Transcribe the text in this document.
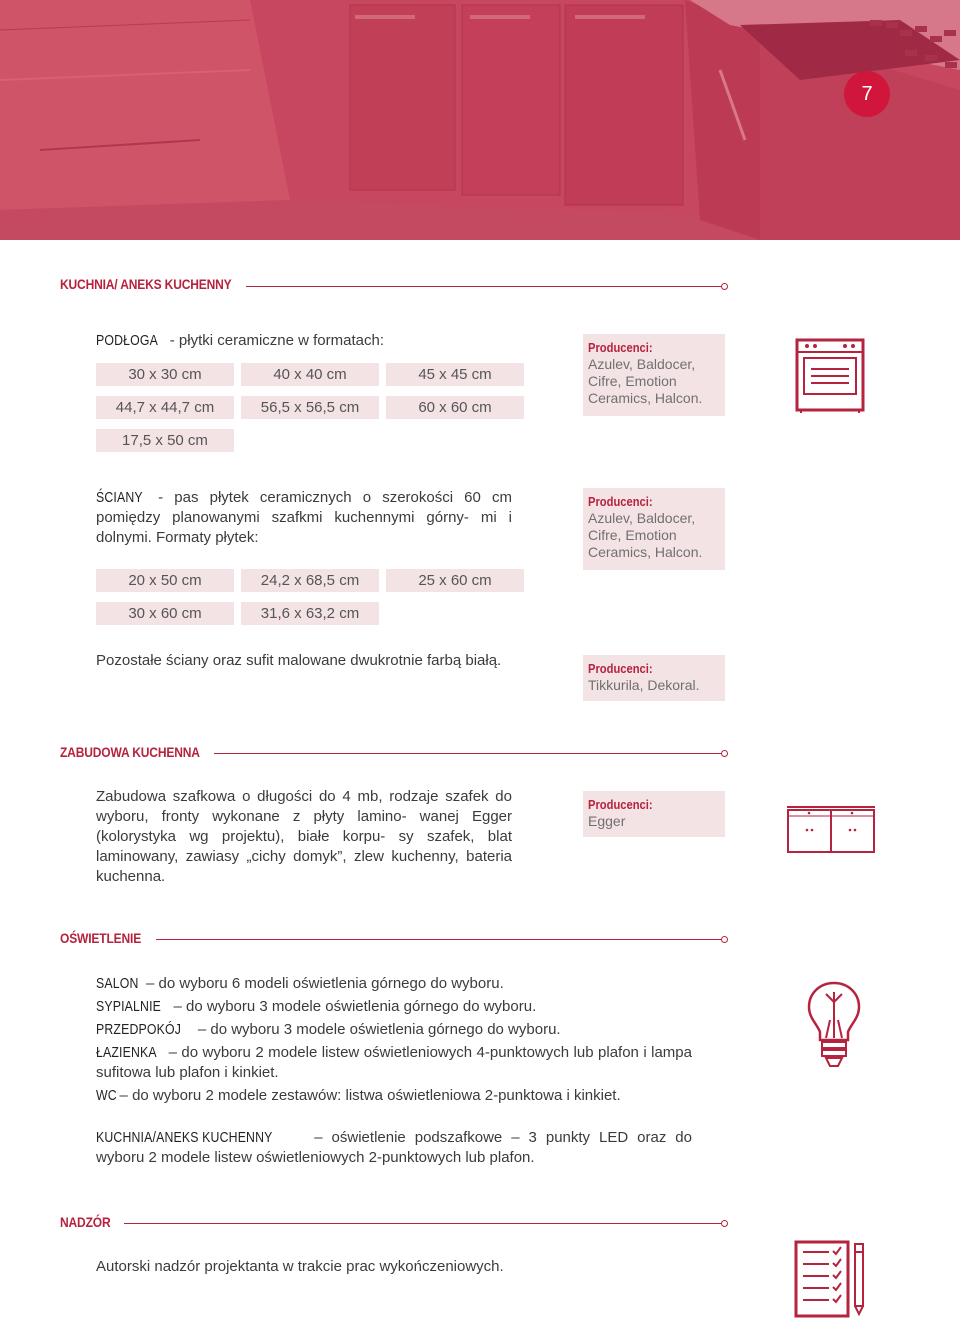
7
KUCHNIA/ ANEKS KUCHENNY
PODŁOGA - płytki ceramiczne w formatach:
30 x 30 cm	40 x 40 cm	45 x 45 cm
44,7 x 44,7 cm	56,5 x 56,5 cm	60 x 60 cm
17,5 x 50 cm
Producenci:
Azulev, Baldocer, Cifre, Emotion Ceramics, Halcon.
ŚCIANY - pas płytek ceramicznych o szerokości 60 cm pomiędzy planowanymi szafkmi kuchennymi górny- mi i dolnymi. Formaty płytek:
Producenci:
Azulev, Baldocer, Cifre, Emotion Ceramics, Halcon.
20 x 50 cm	24,2 x 68,5 cm	25 x 60 cm
30 x 60 cm	31,6 x 63,2 cm
Pozostałe ściany oraz sufit malowane dwukrotnie farbą białą.	Producenci:
Tikkurila, Dekoral.
ZABUDOWA KUCHENNA
Zabudowa szafkowa o długości do 4 mb, rodzaje szafek do wyboru, fronty wykonane z płyty lamino- wanej Egger (kolorystyka wg projektu), białe korpu- sy szafek, blat laminowany, zawiasy „cichy domyk”, zlew kuchenny, bateria kuchenna.
Producenci:
Egger
OŚWIETLENIE
SALON – do wyboru 6 modeli oświetlenia górnego do wyboru.
SYPIALNIE – do wyboru 3 modele oświetlenia górnego do wyboru.
PRZEDPOKÓJ – do wyboru 3 modele oświetlenia górnego do wyboru.
ŁAZIENKA – do wyboru 2 modele listew oświetleniowych 4-punktowych lub plafon i lampa sufitowa lub plafon i kinkiet.
WC – do wyboru 2 modele zestawów: listwa oświetleniowa 2-punktowa i kinkiet.
KUCHNIA/ANEKS KUCHENNY – oświetlenie podszafkowe – 3 punkty LED oraz do wyboru 2 modele listew oświetleniowych 2-punktowych lub plafon.
NADZÓR
Autorski nadzór projektanta w trakcie prac wykończeniowych.
